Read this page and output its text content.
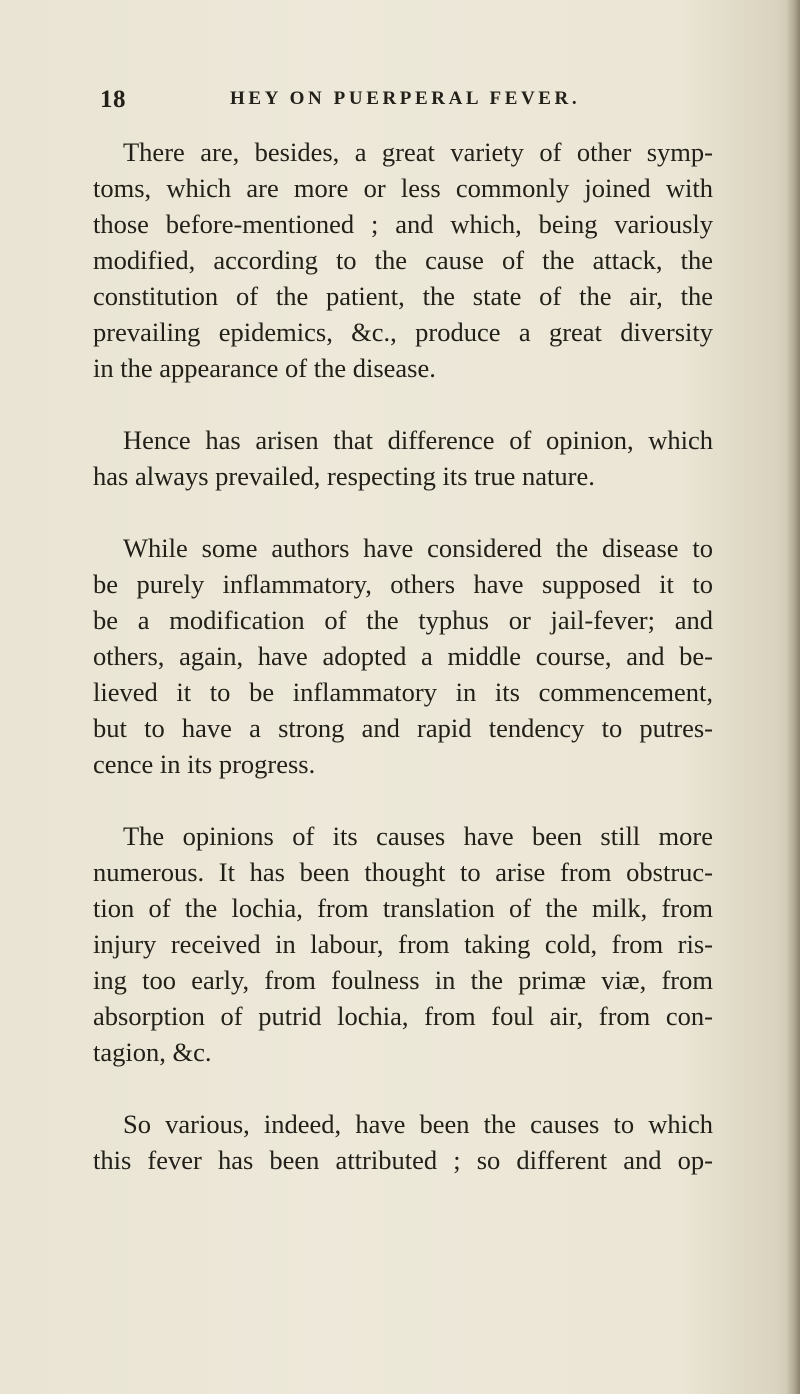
18	HEY ON PUERPERAL FEVER.

There are, besides, a great variety of other symp-
toms, which are more or less commonly joined with
those before-mentioned ; and which, being variously
modified, according to the cause of the attack, the
constitution of the patient, the state of the air, the
prevailing epidemics, &c., produce a great diversity
in the appearance of the disease.

Hence has arisen that difference of opinion, which
has always prevailed, respecting its true nature.

While some authors have considered the disease to
be purely inflammatory, others have supposed it to
be a modification of the typhus or jail-fever; and
others, again, have adopted a middle course, and be-
lieved it to be inflammatory in its commencement,
but to have a strong and rapid tendency to putres-
cence in its progress.

The opinions of its causes have been still more
numerous. It has been thought to arise from obstruc-
tion of the lochia, from translation of the milk, from
injury received in labour, from taking cold, from ris-
ing too early, from foulness in the primæ viæ, from
absorption of putrid lochia, from foul air, from con-
tagion, &c.

So various, indeed, have been the causes to which
this fever has been attributed ; so different and op-
